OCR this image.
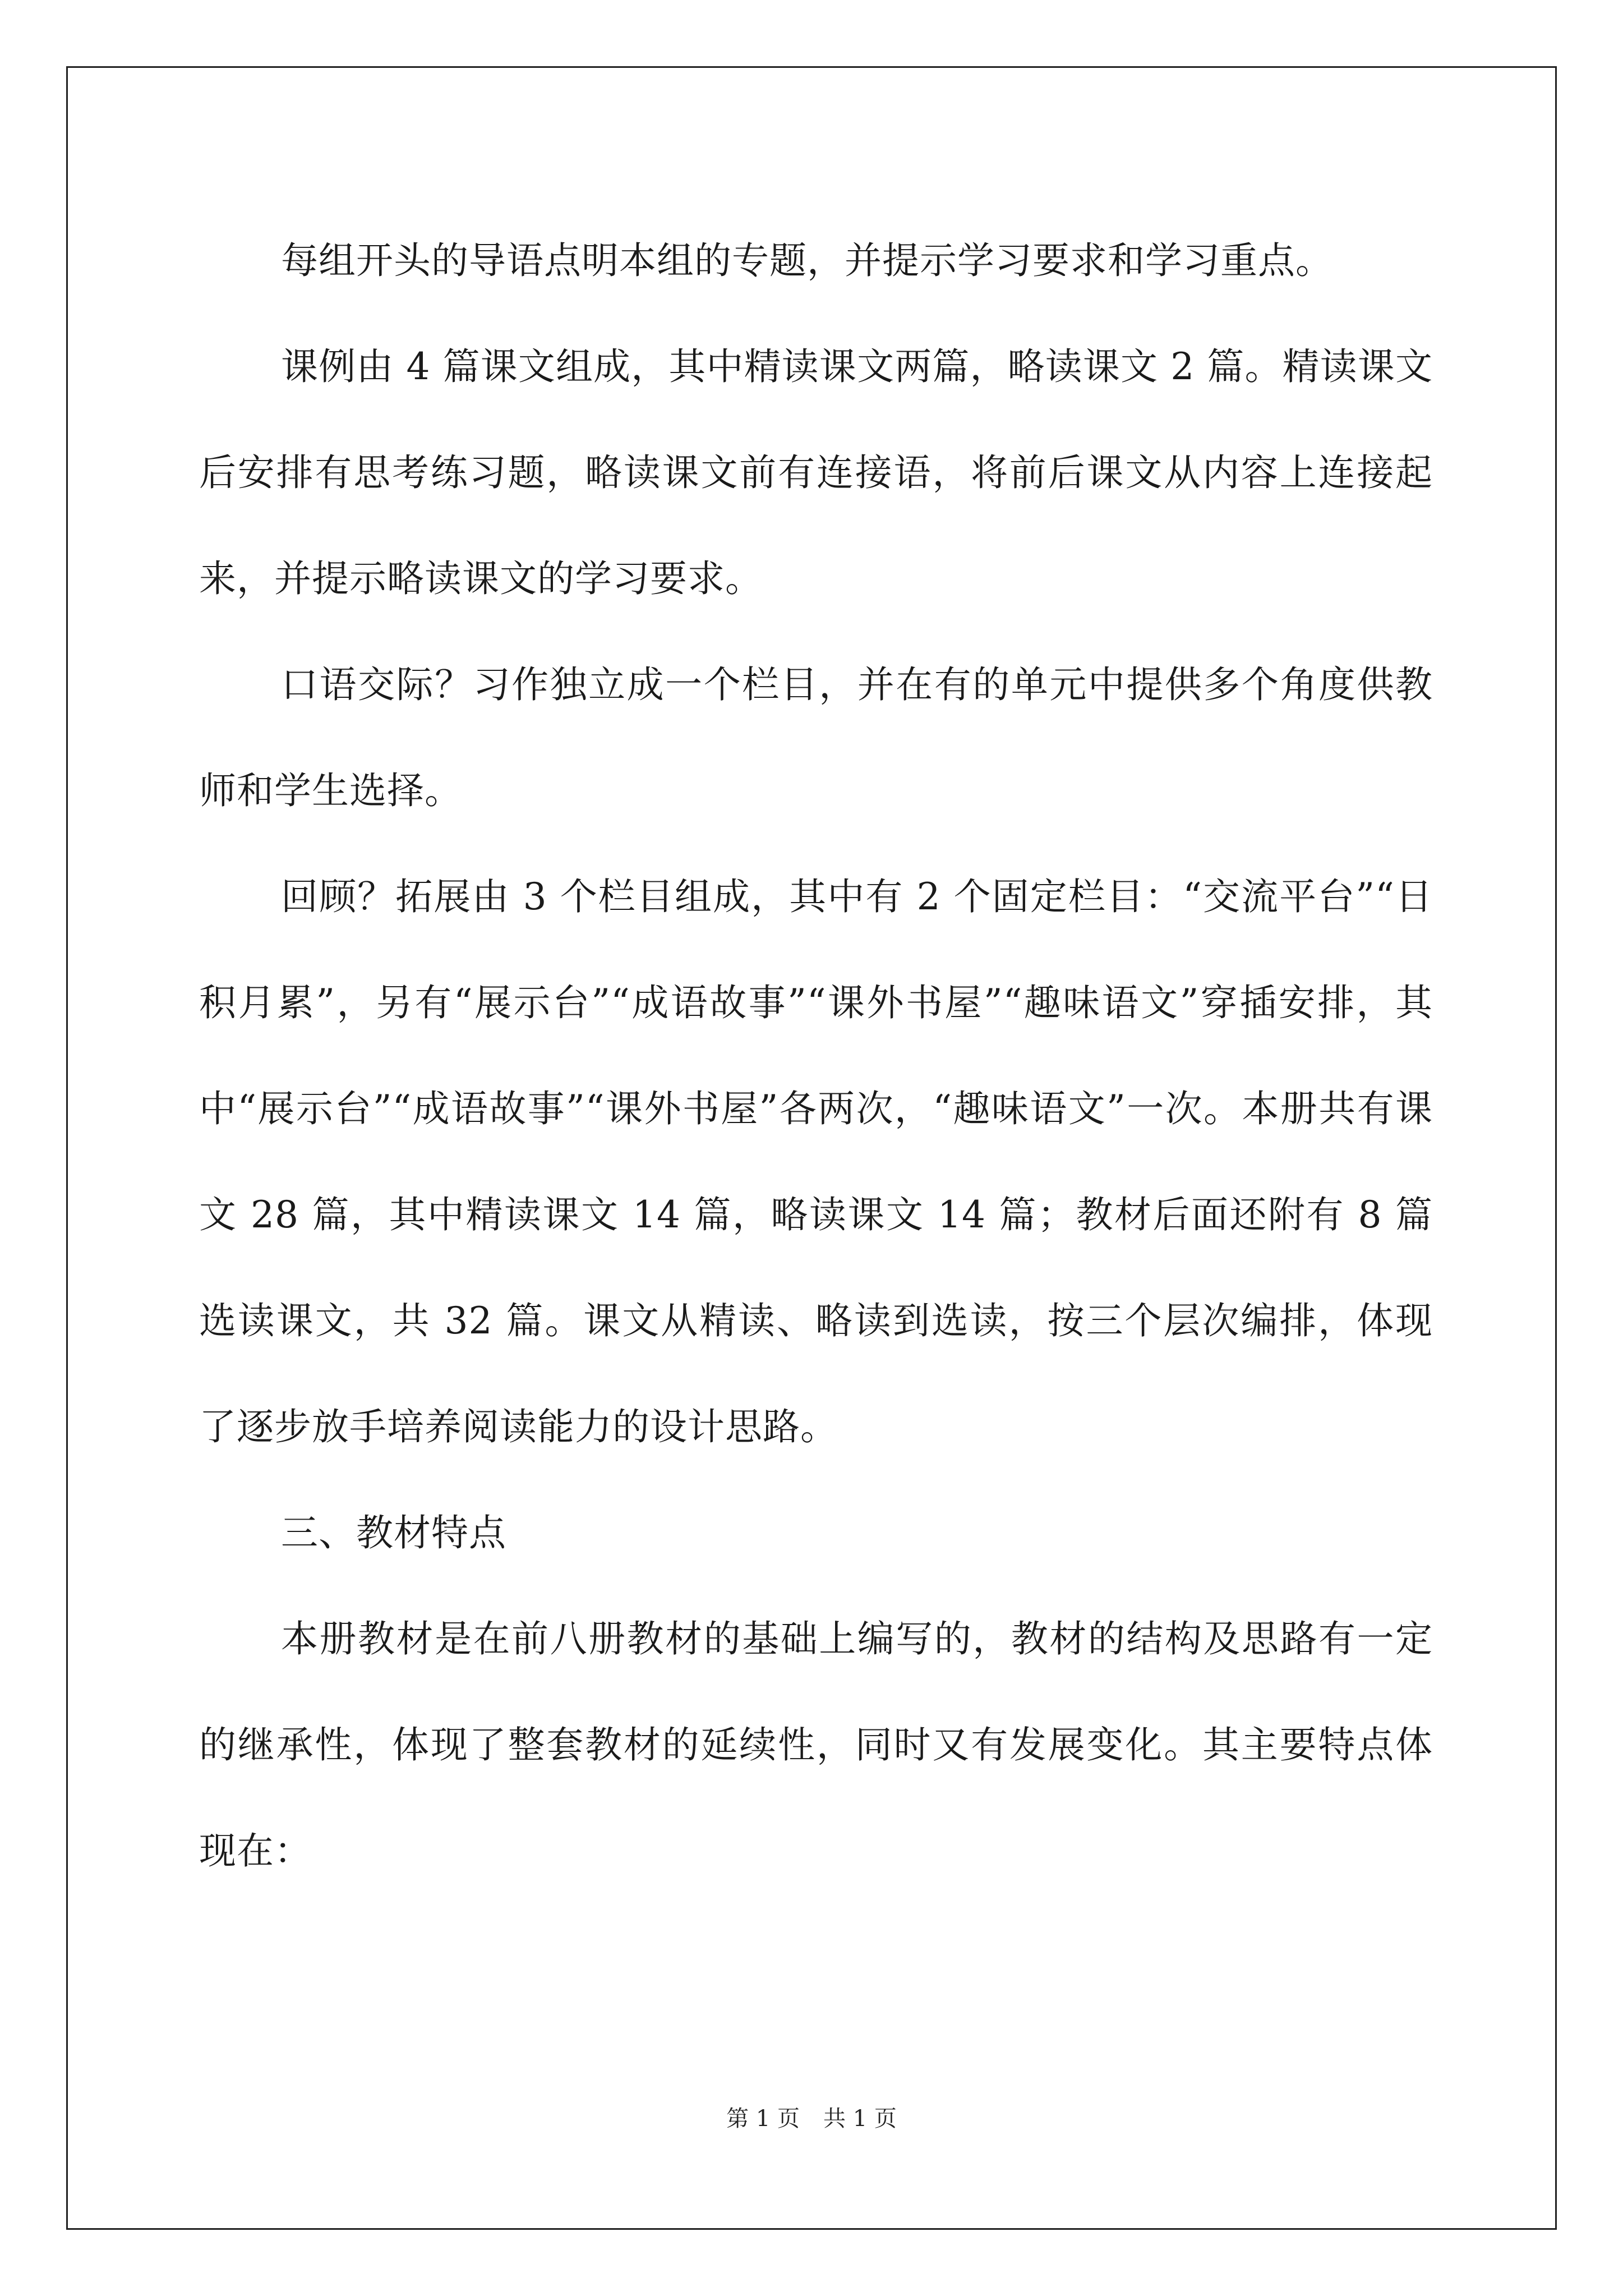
每组开头的导语点明本组的专题，并提示学习要求和学习重点。

课例由 4 篇课文组成，其中精读课文两篇，略读课文 2 篇。精读课文后安排有思考练习题，略读课文前有连接语，将前后课文从内容上连接起来，并提示略读课文的学习要求。

口语交际？习作独立成一个栏目，并在有的单元中提供多个角度供教师和学生选择。

回顾？拓展由 3 个栏目组成，其中有 2 个固定栏目：“交流平台”“日积月累”，另有“展示台”“成语故事”“课外书屋”“趣味语文”穿插安排，其中“展示台”“成语故事”“课外书屋”各两次，“趣味语文”一次。本册共有课文 28 篇，其中精读课文 14 篇，略读课文 14 篇；教材后面还附有 8 篇选读课文，共 32 篇。课文从精读、略读到选读，按三个层次编排，体现了逐步放手培养阅读能力的设计思路。

三、教材特点

本册教材是在前八册教材的基础上编写的，教材的结构及思路有一定的继承性，体现了整套教材的延续性，同时又有发展变化。其主要特点体现在：

第 1 页 共 1 页
